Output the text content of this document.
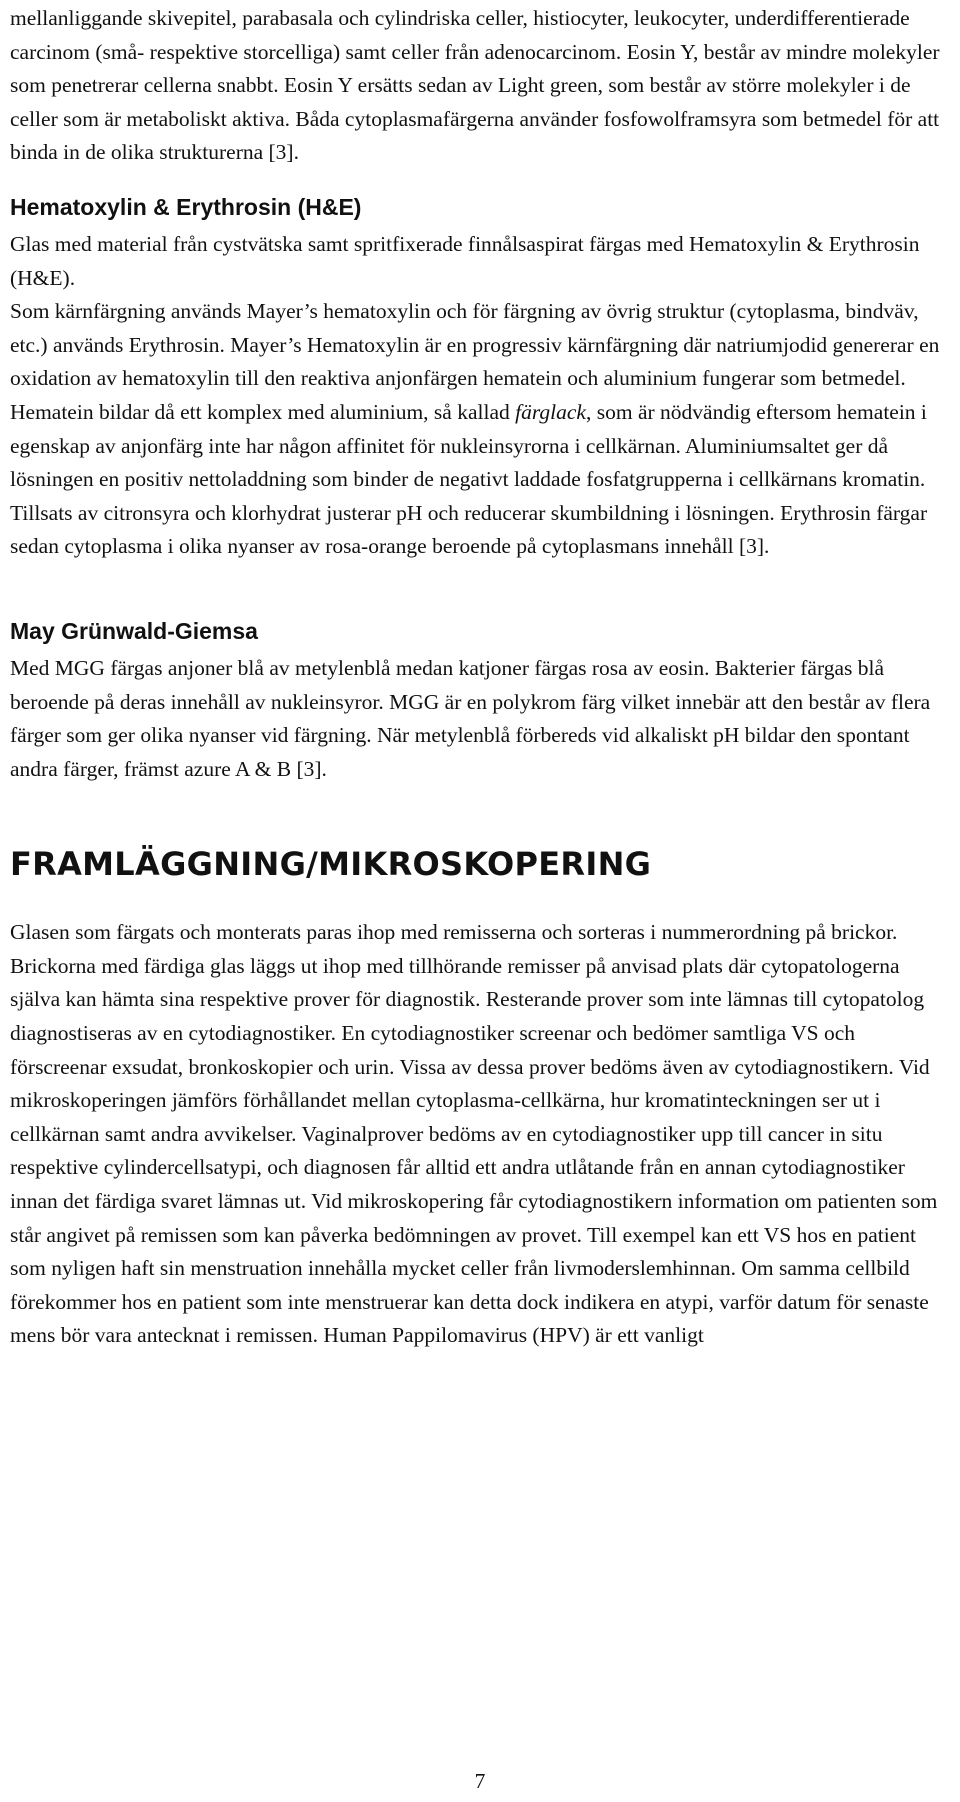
mellanliggande skivepitel, parabasala och cylindriska celler, histiocyter, leukocyter, underdifferentierade carcinom (små- respektive storcelliga) samt celler från adenocarcinom. Eosin Y, består av mindre molekyler som penetrerar cellerna snabbt. Eosin Y ersätts sedan av Light green, som består av större molekyler i de celler som är metaboliskt aktiva. Båda cytoplasmafärgerna använder fosfowolframsyra som betmedel för att binda in de olika strukturerna [3].

Hematoxylin & Erythrosin (H&E)

Glas med material från cystvätska samt spritfixerade finnålsaspirat färgas med Hematoxylin & Erythrosin (H&E).

Som kärnfärgning används Mayer’s hematoxylin och för färgning av övrig struktur (cytoplasma, bindväv, etc.) används Erythrosin. Mayer’s Hematoxylin är en progressiv kärnfärgning där natriumjodid genererar en oxidation av hematoxylin till den reaktiva anjonfärgen hematein och aluminium fungerar som betmedel. Hematein bildar då ett komplex med aluminium, så kallad färglack, som är nödvändig eftersom hematein i egenskap av anjonfärg inte har någon affinitet för nukleinsyrorna i cellkärnan. Aluminiumsaltet ger då lösningen en positiv nettoladdning som binder de negativt laddade fosfatgrupperna i cellkärnans kromatin. Tillsats av citronsyra och klorhydrat justerar pH och reducerar skumbildning i lösningen. Erythrosin färgar sedan cytoplasma i olika nyanser av rosa-orange beroende på cytoplasmans innehåll [3].

May Grünwald-Giemsa

Med MGG färgas anjoner blå av metylenblå medan katjoner färgas rosa av eosin. Bakterier färgas blå beroende på deras innehåll av nukleinsyror. MGG är en polykrom färg vilket innebär att den består av flera färger som ger olika nyanser vid färgning. När metylenblå förbereds vid alkaliskt pH bildar den spontant andra färger, främst azure A & B [3].

FRAMLÄGGNING/MIKROSKOPERING

Glasen som färgats och monterats paras ihop med remisserna och sorteras i nummerordning på brickor. Brickorna med färdiga glas läggs ut ihop med tillhörande remisser på anvisad plats där cytopatologerna själva kan hämta sina respektive prover för diagnostik. Resterande prover som inte lämnas till cytopatolog diagnostiseras av en cytodiagnostiker. En cytodiagnostiker screenar och bedömer samtliga VS och förscreenar exsudat, bronkoskopier och urin. Vissa av dessa prover bedöms även av cytodiagnostikern. Vid mikroskoperingen jämförs förhållandet mellan cytoplasma-cellkärna, hur kromatinteckningen ser ut i cellkärnan samt andra avvikelser. Vaginalprover bedöms av en cytodiagnostiker upp till cancer in situ respektive cylindercellsatypi, och diagnosen får alltid ett andra utlåtande från en annan cytodiagnostiker innan det färdiga svaret lämnas ut. Vid mikroskopering får cytodiagnostikern information om patienten som står angivet på remissen som kan påverka bedömningen av provet. Till exempel kan ett VS hos en patient som nyligen haft sin menstruation innehålla mycket celler från livmoderslemhinnan. Om samma cellbild förekommer hos en patient som inte menstruerar kan detta dock indikera en atypi, varför datum för senaste mens bör vara antecknat i remissen. Human Pappilomavirus (HPV) är ett vanligt

7
